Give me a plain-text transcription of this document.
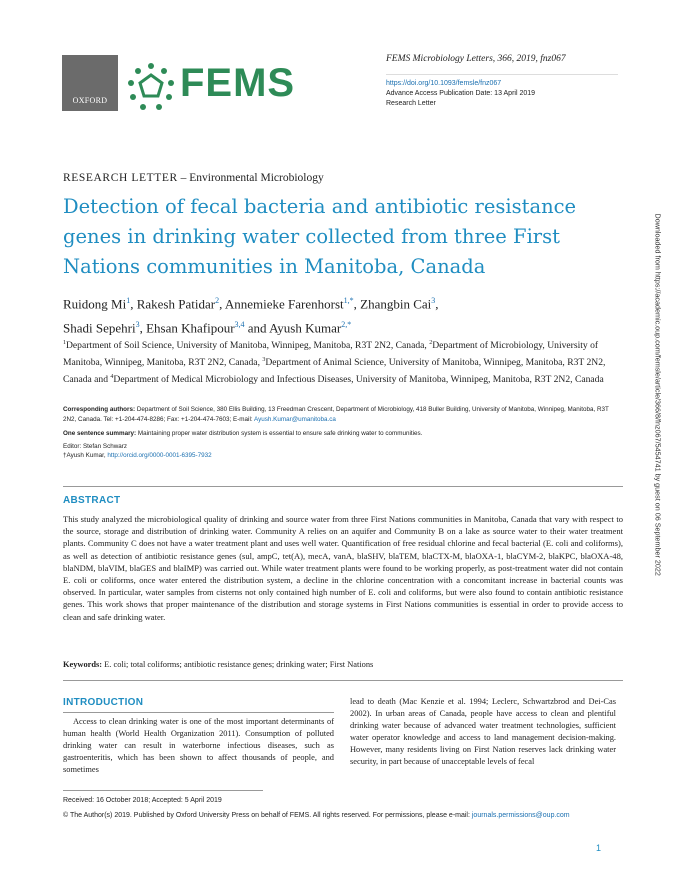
OXFORD FEMS
FEMS Microbiology Letters, 366, 2019, fnz067
https://doi.org/10.1093/femsle/fnz067
Advance Access Publication Date: 13 April 2019
Research Letter
RESEARCH LETTER – Environmental Microbiology
Detection of fecal bacteria and antibiotic resistance genes in drinking water collected from three First Nations communities in Manitoba, Canada
Ruidong Mi$^1$, Rakesh Patidar$^2$, Annemieke Farenhorst$^{1,*}$, Zhangbin Cai$^3$,
Shadi Sepehri$^3$, Ehsan Khafipour$^{3,4}$ and Ayush Kumar$^{2,*}$
$^1$Department of Soil Science, University of Manitoba, Winnipeg, Manitoba, R3T 2N2, Canada, $^2$Department of Microbiology, University of Manitoba, Winnipeg, Manitoba, R3T 2N2, Canada, $^3$Department of Animal Science, University of Manitoba, Winnipeg, Manitoba, R3T 2N2, Canada and $^4$Department of Medical Microbiology and Infectious Diseases, University of Manitoba, Winnipeg, Manitoba, R3T 2N2, Canada
Corresponding authors: Department of Soil Science, 380 Ellis Building, 13 Freedman Crescent, Department of Microbiology, 418 Buller Building, University of Manitoba, Winnipeg, Manitoba, R3T 2N2, Canada. Tel: +1-204-474-8286; Fax: +1-204-474-7603; E-mail: Ayush.Kumar@umanitoba.ca
One sentence summary: Maintaining proper water distribution system is essential to ensure safe drinking water to communities.
Editor: Stefan Schwarz
†Ayush Kumar, http://orcid.org/0000-0001-6395-7932	Downloaded from https://academic.oup.com/femsle/article/366/8/fnz067/5454741 by guest on 06 September 2022
ABSTRACT
This study analyzed the microbiological quality of drinking and source water from three First Nations communities in Manitoba, Canada that vary with respect to the source, storage and distribution of drinking water. Community A relies on an aquifer and Community B on a lake as source water to their water treatment plants. Community C does not have a water treatment plant and uses well water. Quantification of free residual chlorine and fecal bacterial (E. coli and coliforms), as well as detection of antibiotic resistance genes (sul, ampC, tet(A), mecA, vanA, blaSHV, blaTEM, blaCTX-M, blaOXA-1, blaCYM-2, blaKPC, blaOXA-48, blaNDM, blaVIM, blaGES and blaIMP) was carried out. While water treatment plants were found to be working properly, as post-treatment water did not contain E. coli or coliforms, once water entered the distribution system, a decline in the chlorine concentration with a concomitant increase in bacterial counts was observed. In particular, water samples from cisterns not only contained high number of E. coli and coliforms, but were also found to contain antibiotic resistance genes. This work shows that proper maintenance of the distribution and storage systems in First Nations communities is essential in order to provide access to clean and safe drinking water.
Keywords: E. coli; total coliforms; antibiotic resistance genes; drinking water; First Nations
INTRODUCTION
Access to clean drinking water is one of the most important determinants of human health (World Health Organization 2011). Consumption of polluted drinking water can result in waterborne infectious diseases, such as gastroenteritis, which has been shown to affect thousands of people, and sometimes
lead to death (Mac Kenzie et al. 1994; Leclerc, Schwartzbrod and Dei-Cas 2002). In urban areas of Canada, people have access to clean and plentiful drinking water because of advanced water treatment technologies, sufficient water operator knowledge and access to land management decision-making. However, many residents living on First Nation reserves lack drinking water security, in part because of unacceptable levels of fecal
Received: 16 October 2018; Accepted: 5 April 2019
© The Author(s) 2019. Published by Oxford University Press on behalf of FEMS. All rights reserved. For permissions, please e-mail: journals.permissions@oup.com
1
